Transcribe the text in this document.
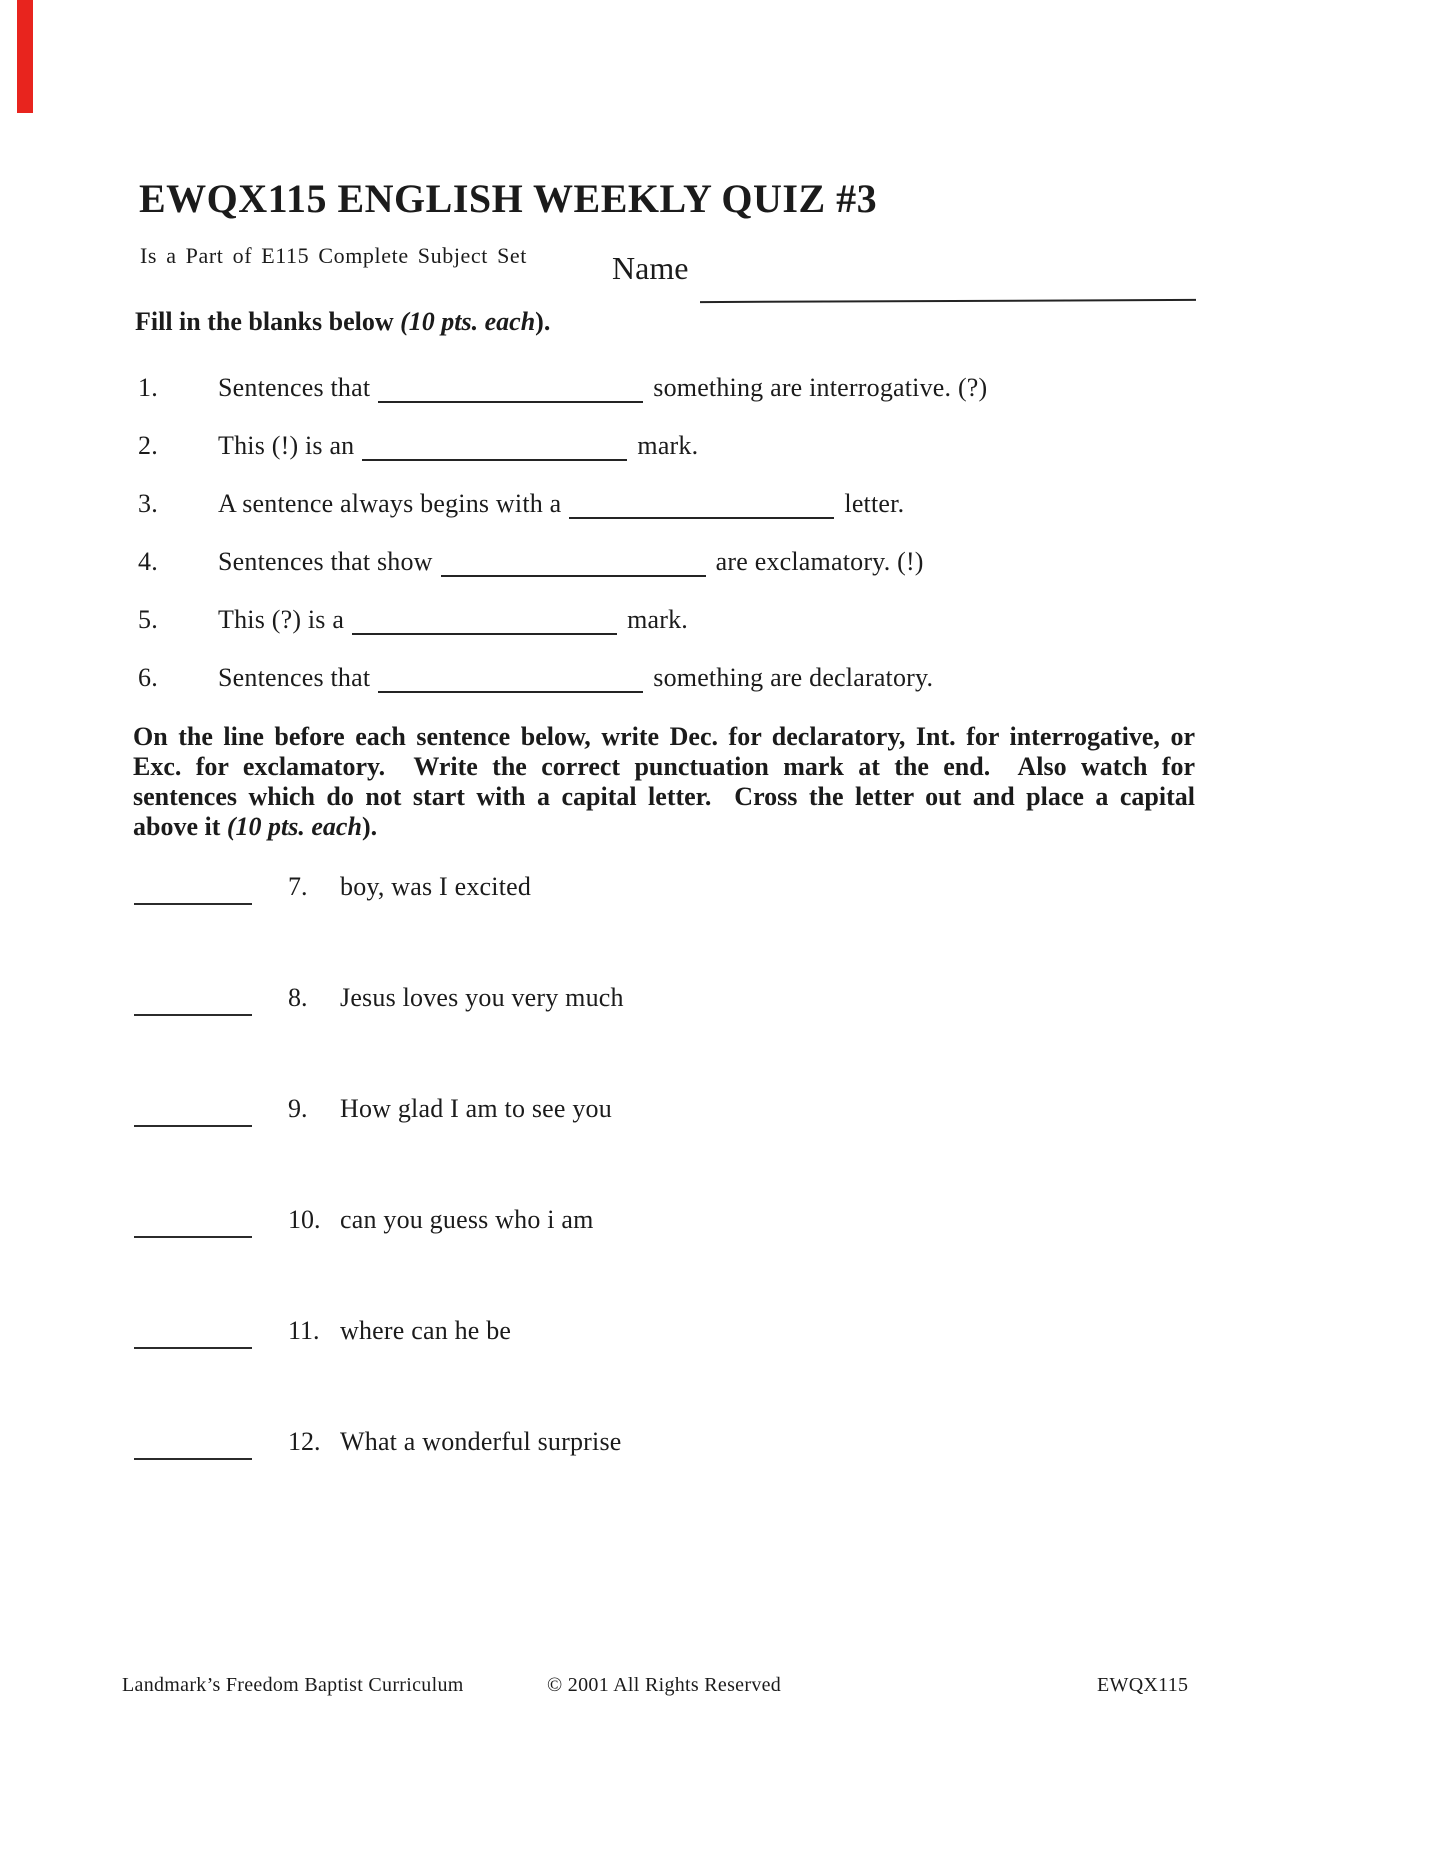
EWQX115 ENGLISH WEEKLY QUIZ #3
Is a Part of E115 Complete Subject Set	Name
Fill in the blanks below (10 pts. each).
1. Sentences that	something are interrogative. (?)
2. This (!) is an	mark.
3. A sentence always begins with a	letter.
4. Sentences that show	are exclamatory. (!)
5. This (?) is a	mark.
6. Sentences that	something are declaratory.
On the line before each sentence below, write Dec. for declaratory, Int. for interrogative, or
Exc. for exclamatory.  Write the correct punctuation mark at the end.  Also watch for
sentences which do not start with a capital letter.  Cross the letter out and place a capital
above it (10 pts. each).
7. boy, was I excited
8. Jesus loves you very much
9. How glad I am to see you
10. can you guess who i am
11. where can he be
12. What a wonderful surprise
Landmark’s Freedom Baptist Curriculum	© 2001 All Rights Reserved	EWQX115
